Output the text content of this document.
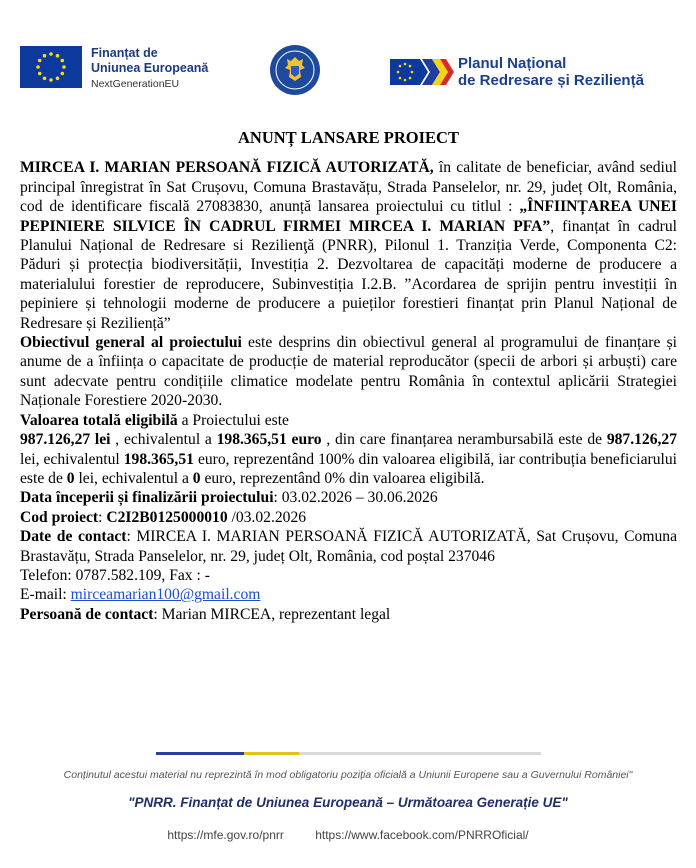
Finanțat de
Uniunea Europeană
NextGenerationEU
Planul Național
de Redresare și Reziliență
ANUNȚ LANSARE PROIECT

MIRCEA I. MARIAN PERSOANĂ FIZICĂ AUTORIZATĂ, în calitate de beneficiar, având sediul principal înregistrat în Sat Crușovu, Comuna Brastavățu, Strada Panselelor, nr. 29, județ Olt, România, cod de identificare fiscală 27083830, anunță lansarea proiectului cu titlul : „ÎNFIINȚAREA UNEI PEPINIERE SILVICE ÎN CADRUL FIRMEI MIRCEA I. MARIAN PFA”, finanțat în cadrul Planului Național de Redresare si Rezilienţă (PNRR), Pilonul 1. Tranziția Verde, Componenta C2: Păduri și protecția biodiversității, Investiția 2. Dezvoltarea de capacități moderne de producere a materialului forestier de reproducere, Subinvestiția I.2.B. ”Acordarea de sprijin pentru investiții în pepiniere și tehnologii moderne de producere a puieților forestieri finanțat prin Planul Național de Redresare și Reziliență”

Obiectivul general al proiectului este desprins din obiectivul general al programului de finanțare și anume de a înființa o capacitate de producție de material reproducător (specii de arbori și arbuști) care sunt adecvate pentru condițiile climatice modelate pentru România în contextul aplicării Strategiei Naționale Forestiere 2020-2030.

Valoarea totală eligibilă a Proiectului este

987.126,27 lei , echivalentul a 198.365,51 euro , din care finanțarea nerambursabilă este de 987.126,27 lei, echivalentul 198.365,51 euro, reprezentând 100% din valoarea eligibilă, iar contribuția beneficiarului este de 0 lei, echivalentul a 0 euro, reprezentând 0% din valoarea eligibilă.

Data începerii și finalizării proiectului: 03.02.2026 – 30.06.2026

Cod proiect: C2I2B0125000010 /03.02.2026

Date de contact: MIRCEA I. MARIAN PERSOANĂ FIZICĂ AUTORIZATĂ, Sat Crușovu, Comuna Brastavățu, Strada Panselelor, nr. 29, județ Olt, România, cod poștal 237046

Telefon: 0787.582.109, Fax : -

E-mail: mirceamarian100@gmail.com

Persoană de contact: Marian MIRCEA, reprezentant legal

Conținutul acestui material nu reprezintă în mod obligatoriu poziția oficială a Uniunii Europene sau a Guvernului României"
"PNRR. Finanțat de Uniunea Europeană – Următoarea Generație UE"
https://mfe.gov.ro/pnrr	https://www.facebook.com/PNRROficial/
